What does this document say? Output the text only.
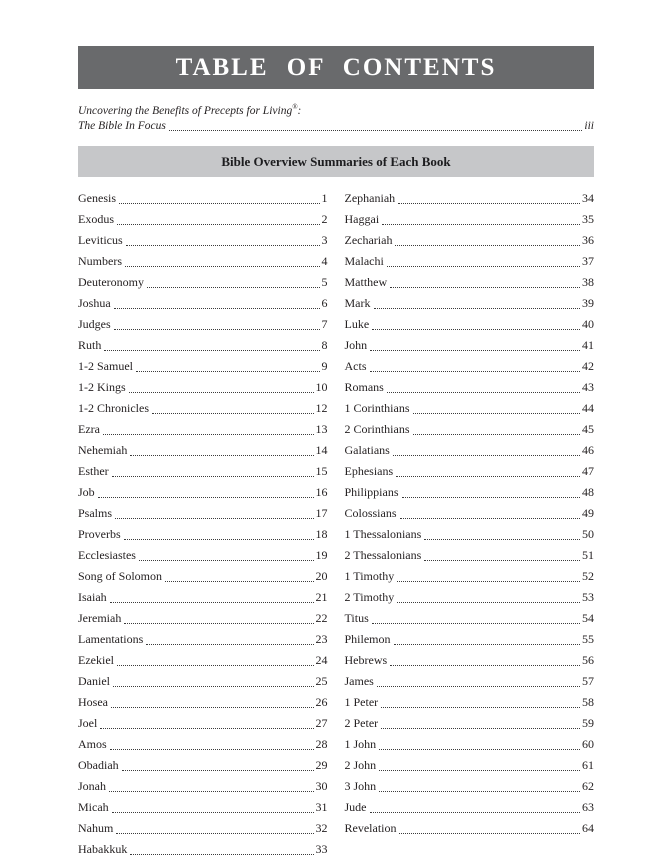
TABLE OF CONTENTS
Uncovering the Benefits of Precepts for Living®:
The Bible In Focus	iii
Bible Overview Summaries of Each Book
Genesis	1
Exodus	2
Leviticus	3
Numbers	4
Deuteronomy	5
Joshua	6
Judges	7
Ruth	8
1-2 Samuel	9
1-2 Kings	10
1-2 Chronicles	12
Ezra	13
Nehemiah	14
Esther	15
Job	16
Psalms	17
Proverbs	18
Ecclesiastes	19
Song of Solomon	20
Isaiah	21
Jeremiah	22
Lamentations	23
Ezekiel	24
Daniel	25
Hosea	26
Joel	27
Amos	28
Obadiah	29
Jonah	30
Micah	31
Nahum	32
Habakkuk	33
Zephaniah	34
Haggai	35
Zechariah	36
Malachi	37
Matthew	38
Mark	39
Luke	40
John	41
Acts	42
Romans	43
1 Corinthians	44
2 Corinthians	45
Galatians	46
Ephesians	47
Philippians	48
Colossians	49
1 Thessalonians	50
2 Thessalonians	51
1 Timothy	52
2 Timothy	53
Titus	54
Philemon	55
Hebrews	56
James	57
1 Peter	58
2 Peter	59
1 John	60
2 John	61
3 John	62
Jude	63
Revelation	64
